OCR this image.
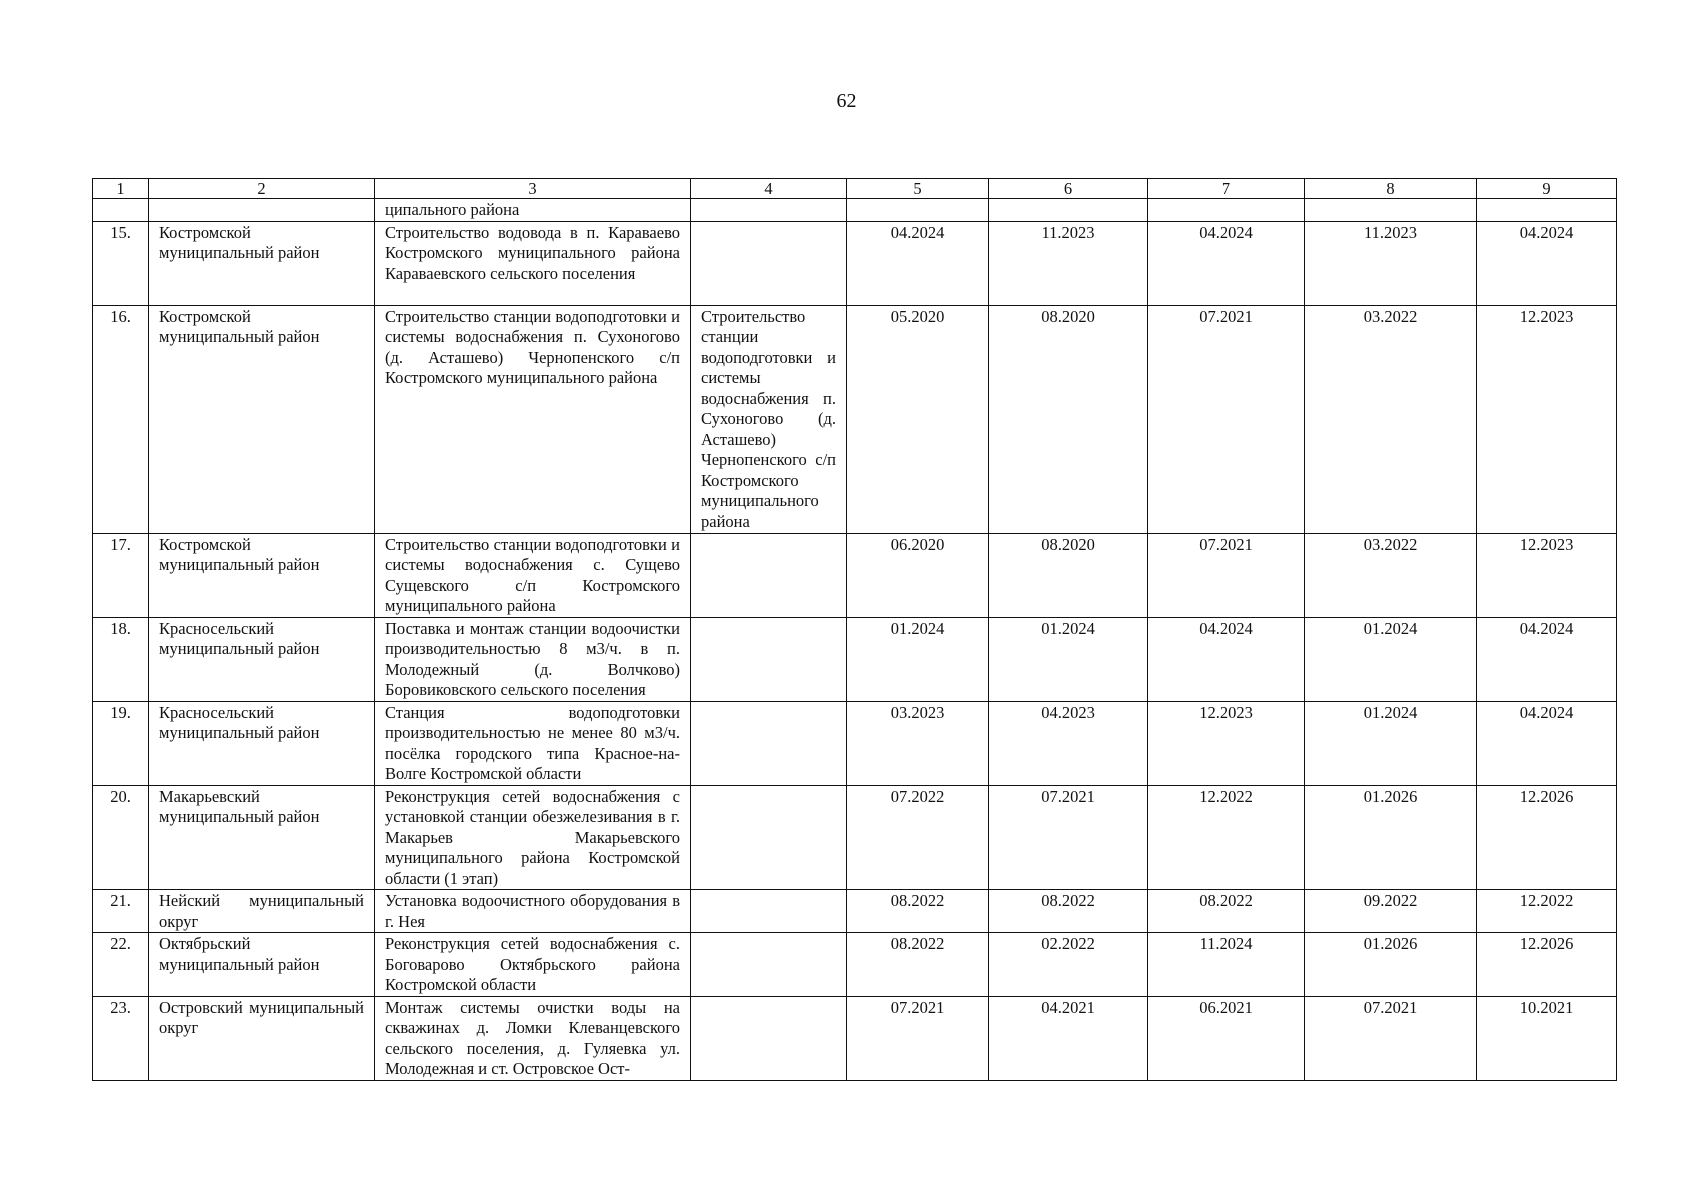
62
1	2	3	4	5	6	7	8	9
		ципального района						
15.	Костромской муниципальный район	Строительство водовода в п. Караваево Костромского муниципального района Караваевского сельского поселения		04.2024	11.2023	04.2024	11.2023	04.2024
16.	Костромской муниципальный район	Строительство станции водоподготовки и системы водоснабжения п. Сухоногово (д. Асташево) Чернопенского с/п Костромского муниципального района	Строительство станции водоподготовки и системы водоснабжения п. Сухоногово (д. Асташево) Чернопенского с/п Костромского муниципального района	05.2020	08.2020	07.2021	03.2022	12.2023
17.	Костромской муниципальный район	Строительство станции водоподготовки и системы водоснабжения с. Сущево Сущевского с/п Костромского муниципального района		06.2020	08.2020	07.2021	03.2022	12.2023
18.	Красносельский муниципальный район	Поставка и монтаж станции водоочистки производительностью 8 м3/ч. в п. Молодежный (д. Волчково) Боровиковского сельского поселения		01.2024	01.2024	04.2024	01.2024	04.2024
19.	Красносельский муниципальный район	Станция водоподготовки производительностью не менее 80 м3/ч. посёлка городского типа Красное-на-Волге Костромской области		03.2023	04.2023	12.2023	01.2024	04.2024
20.	Макарьевский муниципальный район	Реконструкция сетей водоснабжения с установкой станции обезжелезивания в г. Макарьев Макарьевского муниципального района Костромской области (1 этап)		07.2022	07.2021	12.2022	01.2026	12.2026
21.	Нейский муниципальный округ	Установка водоочистного оборудования в г. Нея		08.2022	08.2022	08.2022	09.2022	12.2022
22.	Октябрьский муниципальный район	Реконструкция сетей водоснабжения с. Боговарово Октябрьского района Костромской области		08.2022	02.2022	11.2024	01.2026	12.2026
23.	Островский муниципальный округ	Монтаж системы очистки воды на скважинах д. Ломки Клеванцевского сельского поселения, д. Гуляевка ул. Молодежная и ст. Островское Ост-		07.2021	04.2021	06.2021	07.2021	10.2021
